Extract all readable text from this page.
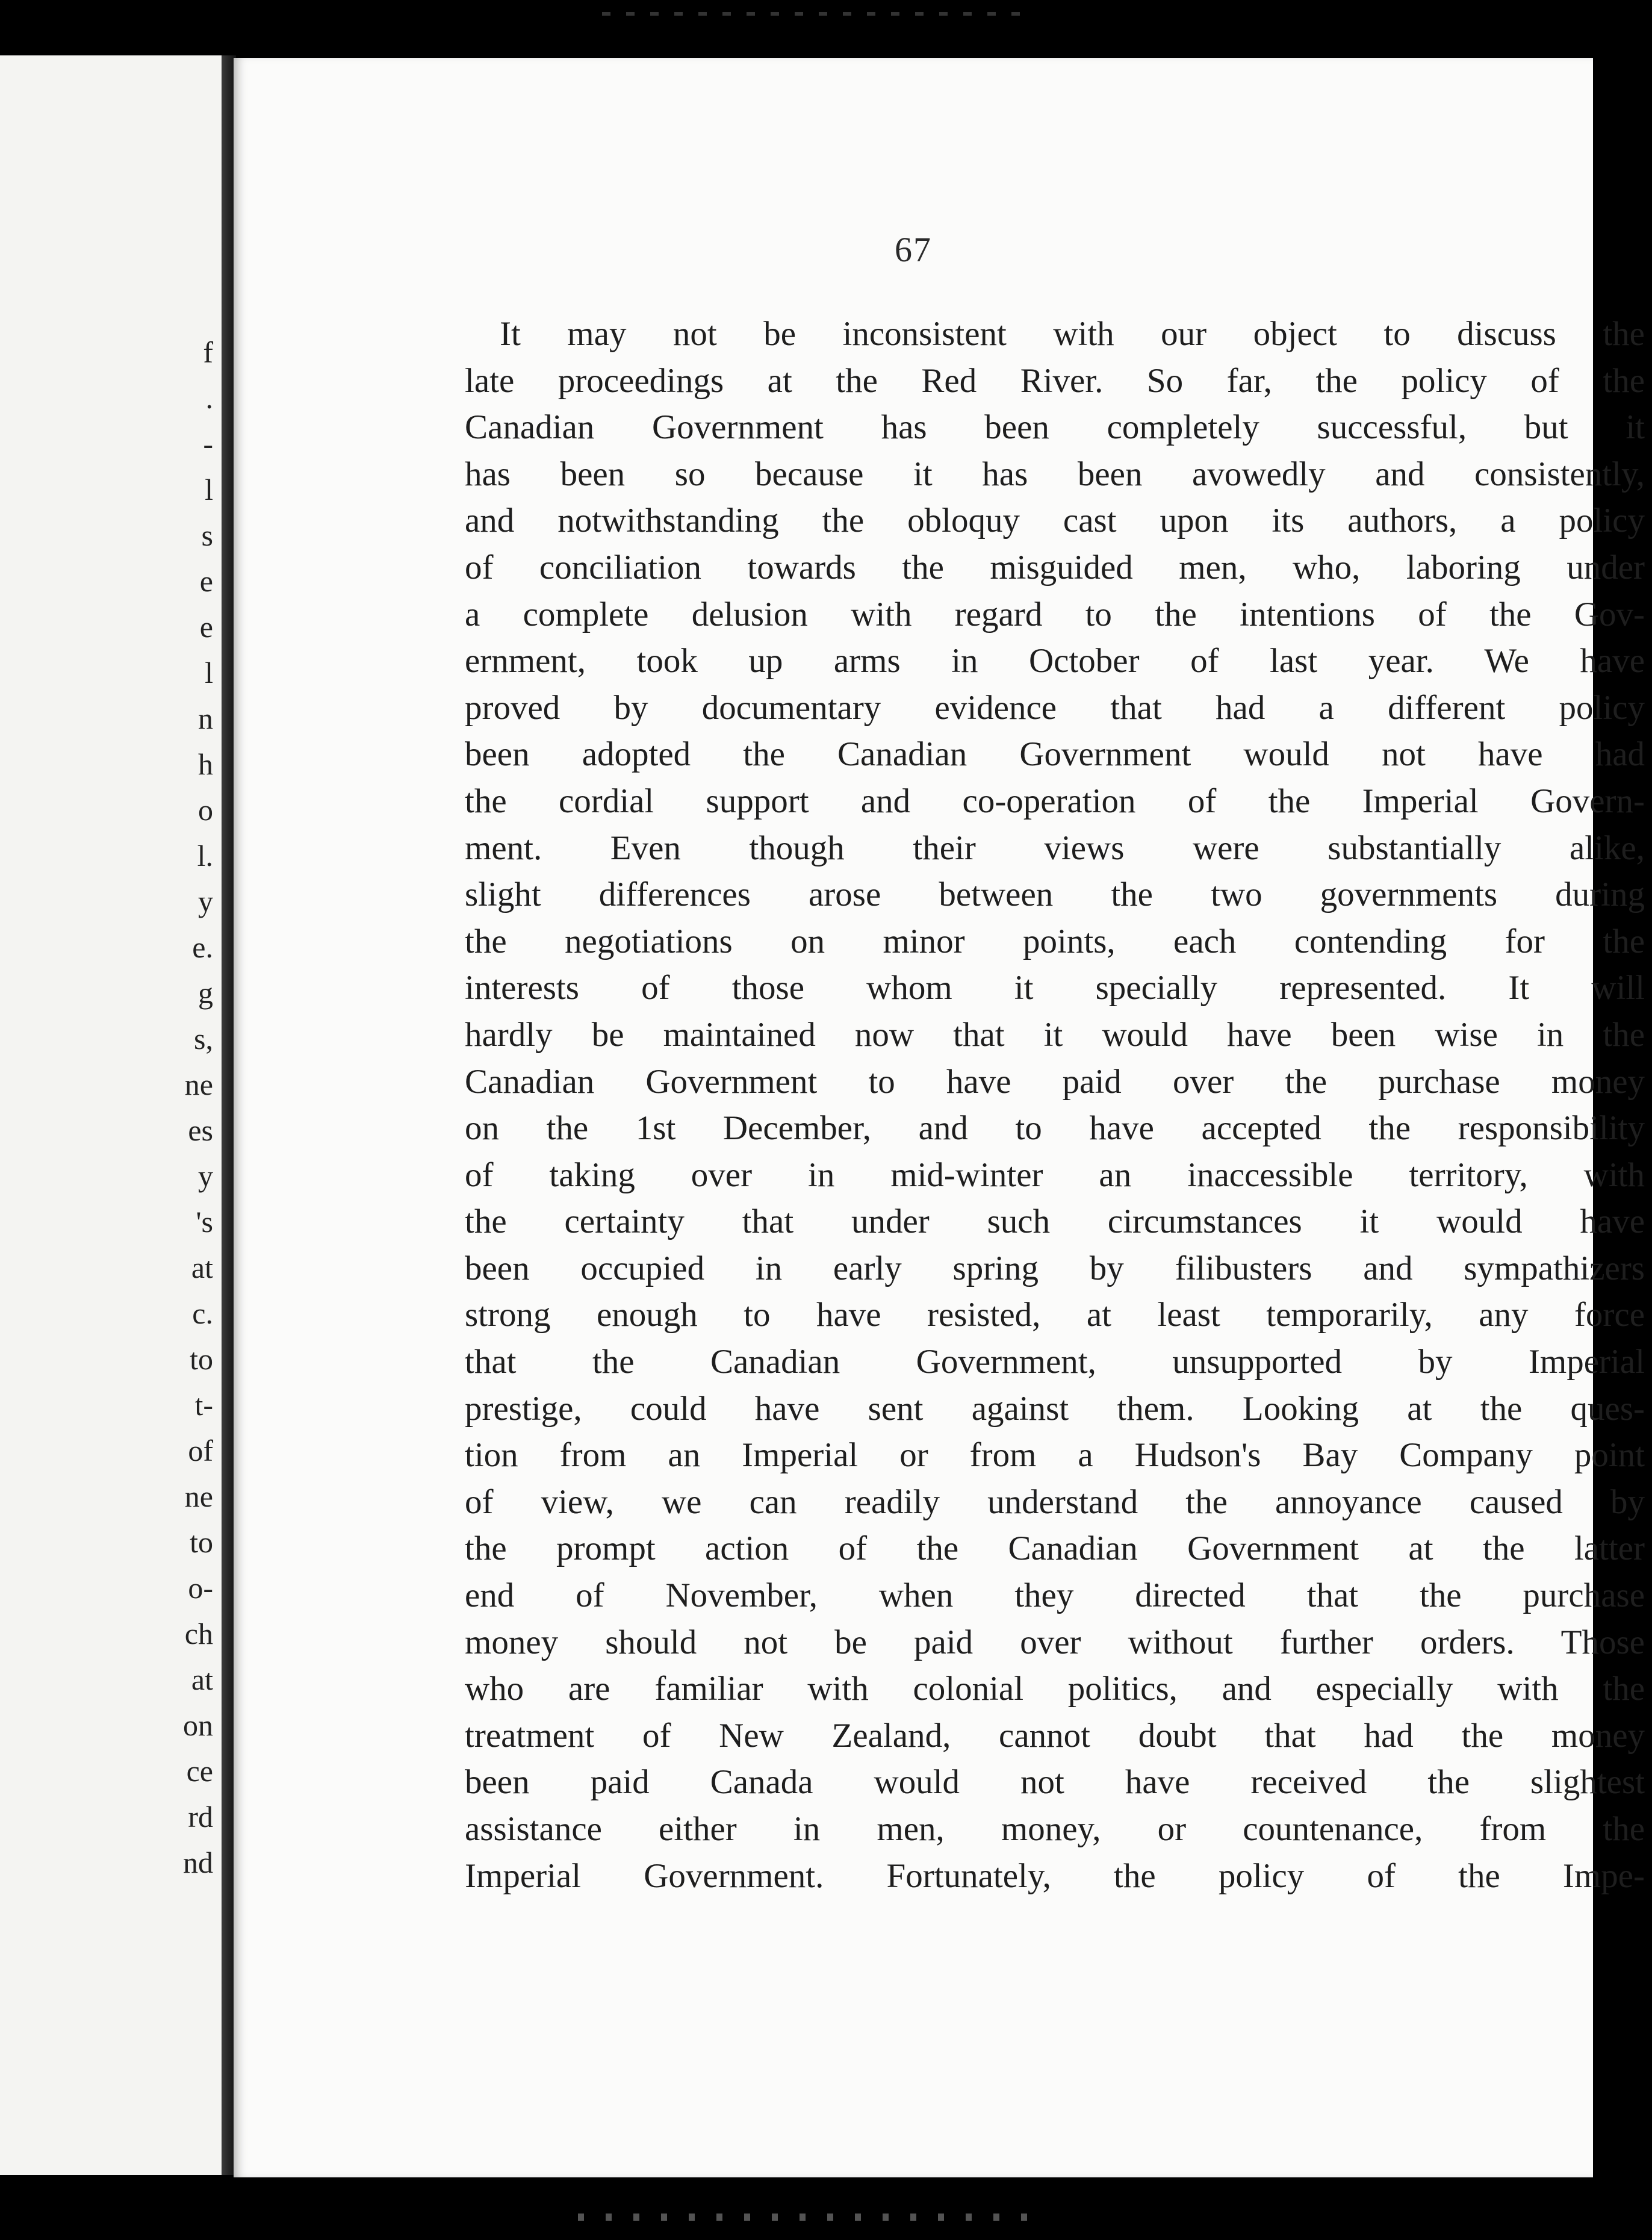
f
.
-
l
s
e
e
l
n
h
o
l.
y
e.
g
s,
ne
es
y
's
at
c.
to
t-
of
ne
to
o-
ch
at
on
ce
rd
nd
67
It may not be inconsistent with our object to discuss the
late proceedings at the Red River. So far, the policy of the
Canadian Government has been completely successful, but it
has been so because it has been avowedly and consistently,
and notwithstanding the obloquy cast upon its authors, a policy
of conciliation towards the misguided men, who, laboring under
a complete delusion with regard to the intentions of the Gov-
ernment, took up arms in October of last year. We have
proved by documentary evidence that had a different policy
been adopted the Canadian Government would not have had
the cordial support and co-operation of the Imperial Govern-
ment. Even though their views were substantially alike,
slight differences arose between the two governments during
the negotiations on minor points, each contending for the
interests of those whom it specially represented. It will
hardly be maintained now that it would have been wise in the
Canadian Government to have paid over the purchase money
on the 1st December, and to have accepted the responsibility
of taking over in mid-winter an inaccessible territory, with
the certainty that under such circumstances it would have
been occupied in early spring by filibusters and sympathizers
strong enough to have resisted, at least temporarily, any force
that the Canadian Government, unsupported by Imperial
prestige, could have sent against them. Looking at the ques-
tion from an Imperial or from a Hudson's Bay Company point
of view, we can readily understand the annoyance caused by
the prompt action of the Canadian Government at the latter
end of November, when they directed that the purchase
money should not be paid over without further orders. Those
who are familiar with colonial politics, and especially with the
treatment of New Zealand, cannot doubt that had the money
been paid Canada would not have received the slightest
assistance either in men, money, or countenance, from the
Imperial Government. Fortunately, the policy of the Impe-
